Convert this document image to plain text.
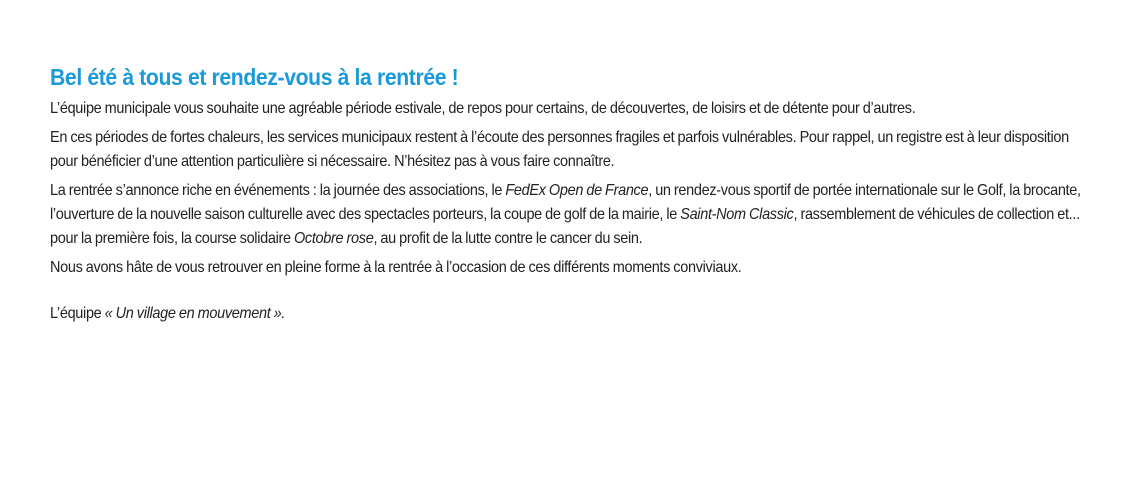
Bel été à tous et rendez-vous à la rentrée !

L’équipe municipale vous souhaite une agréable période estivale, de repos pour certains, de découvertes, de loisirs et de détente pour d’autres.

En ces périodes de fortes chaleurs, les services municipaux restent à l’écoute des personnes fragiles et parfois vulnérables. Pour rappel, un registre est à leur disposition pour bénéficier d’une attention particulière si nécessaire. N’hésitez pas à vous faire connaître.

La rentrée s’annonce riche en événements : la journée des associations, le FedEx Open de France, un rendez-vous sportif de portée internationale sur le Golf, la brocante, l’ouverture de la nouvelle saison culturelle avec des spectacles porteurs, la coupe de golf de la mairie, le Saint-Nom Classic, rassemblement de véhicules de collection et... pour la première fois, la course solidaire Octobre rose, au profit de la lutte contre le cancer du sein.

Nous avons hâte de vous retrouver en pleine forme à la rentrée à l’occasion de ces différents moments conviviaux.

L’équipe « Un village en mouvement ».
